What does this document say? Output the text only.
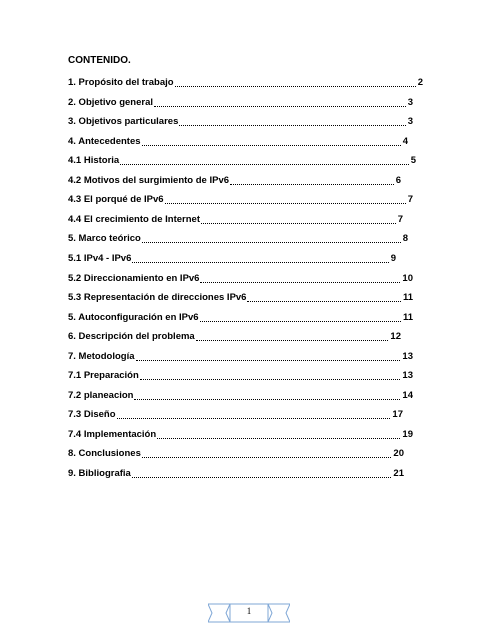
CONTENIDO.
1. Propósito del trabajo	2
2. Objetivo general	3
3. Objetivos particulares	3
4. Antecedentes	4
4.1 Historia	5
4.2 Motivos del surgimiento de IPv6	6
4.3 El porqué de IPv6	7
4.4 El crecimiento de Internet	7
5. Marco teórico	8
5.1 IPv4 - IPv6	9
5.2 Direccionamiento en IPv6	10
5.3 Representación de direcciones IPv6	11
5. Autoconfiguración en IPv6	11
6. Descripción del problema	12
7. Metodología	13
7.1 Preparación	13
7.2 planeacion	14
7.3 Diseño	17
7.4 Implementación	19
8. Conclusiones	20
9. Bibliografia	21
1
